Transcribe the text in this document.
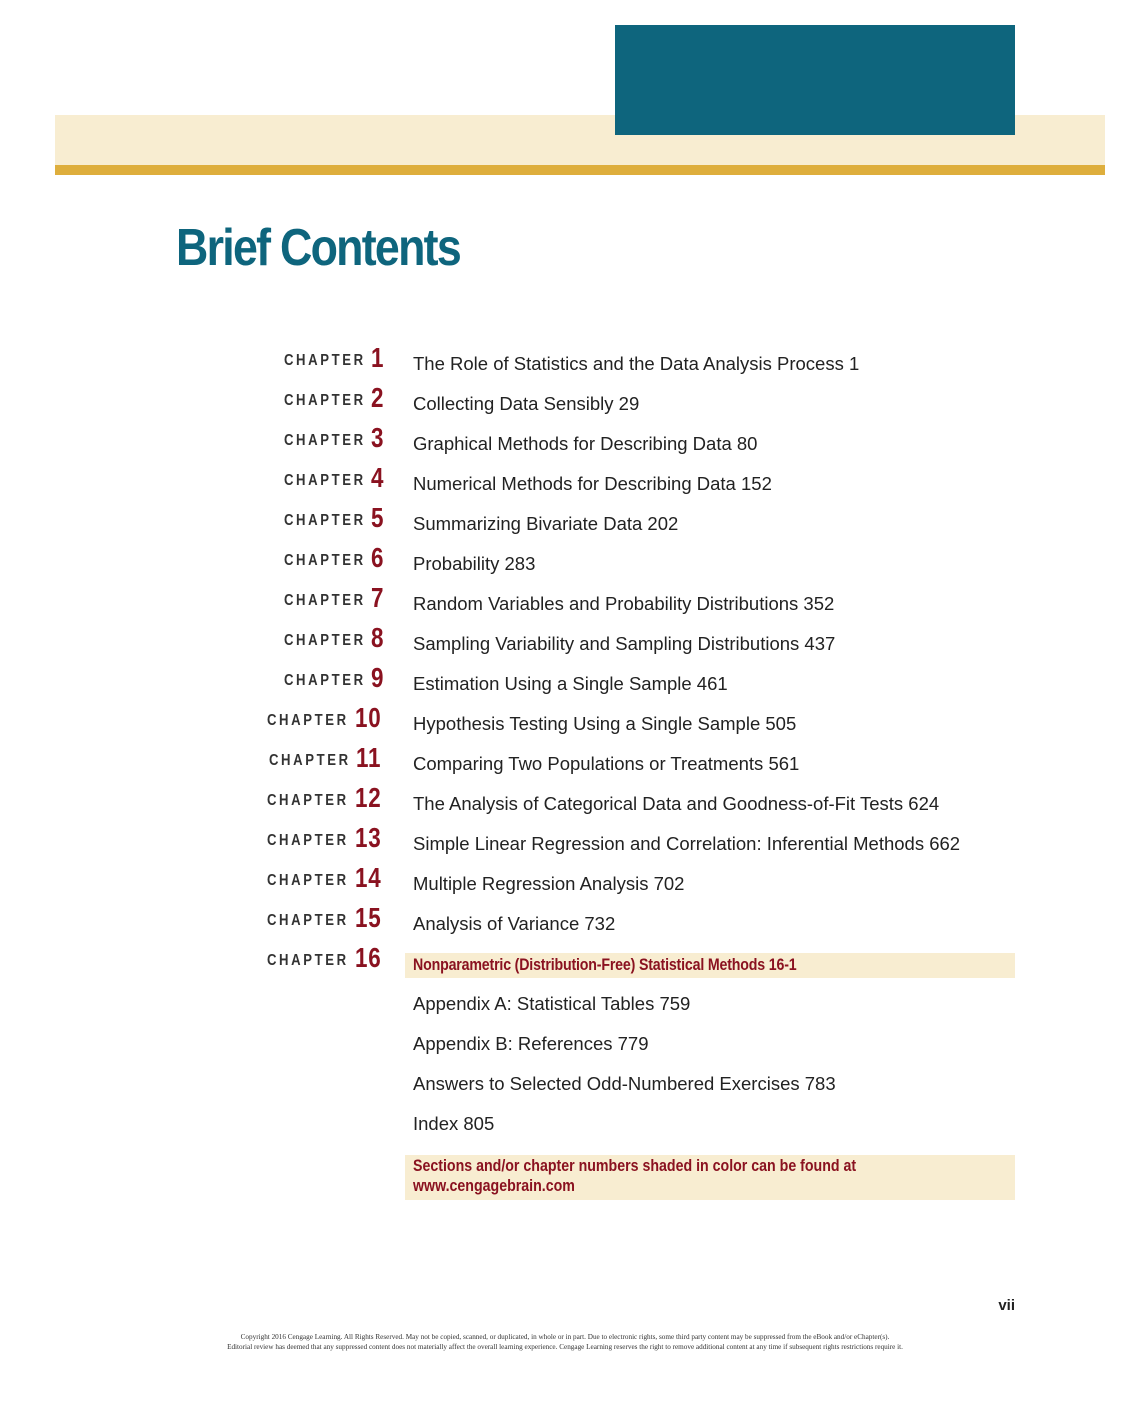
Brief Contents
CHAPTER 1 The Role of Statistics and the Data Analysis Process 1
CHAPTER 2 Collecting Data Sensibly 29
CHAPTER 3 Graphical Methods for Describing Data 80
CHAPTER 4 Numerical Methods for Describing Data 152
CHAPTER 5 Summarizing Bivariate Data 202
CHAPTER 6 Probability 283
CHAPTER 7 Random Variables and Probability Distributions 352
CHAPTER 8 Sampling Variability and Sampling Distributions 437
CHAPTER 9 Estimation Using a Single Sample 461
CHAPTER 10 Hypothesis Testing Using a Single Sample 505
CHAPTER 11 Comparing Two Populations or Treatments 561
CHAPTER 12 The Analysis of Categorical Data and Goodness-of-Fit Tests 624
CHAPTER 13 Simple Linear Regression and Correlation: Inferential Methods 662
CHAPTER 14 Multiple Regression Analysis 702
CHAPTER 15 Analysis of Variance 732
CHAPTER 16 Nonparametric (Distribution-Free) Statistical Methods 16-1
Appendix A: Statistical Tables 759
Appendix B: References 779
Answers to Selected Odd-Numbered Exercises 783
Index 805
Sections and/or chapter numbers shaded in color can be found at
www.cengagebrain.com
vii
Copyright 2016 Cengage Learning. All Rights Reserved. May not be copied, scanned, or duplicated, in whole or in part. Due to electronic rights, some third party content may be suppressed from the eBook and/or eChapter(s).
Editorial review has deemed that any suppressed content does not materially affect the overall learning experience. Cengage Learning reserves the right to remove additional content at any time if subsequent rights restrictions require it.
